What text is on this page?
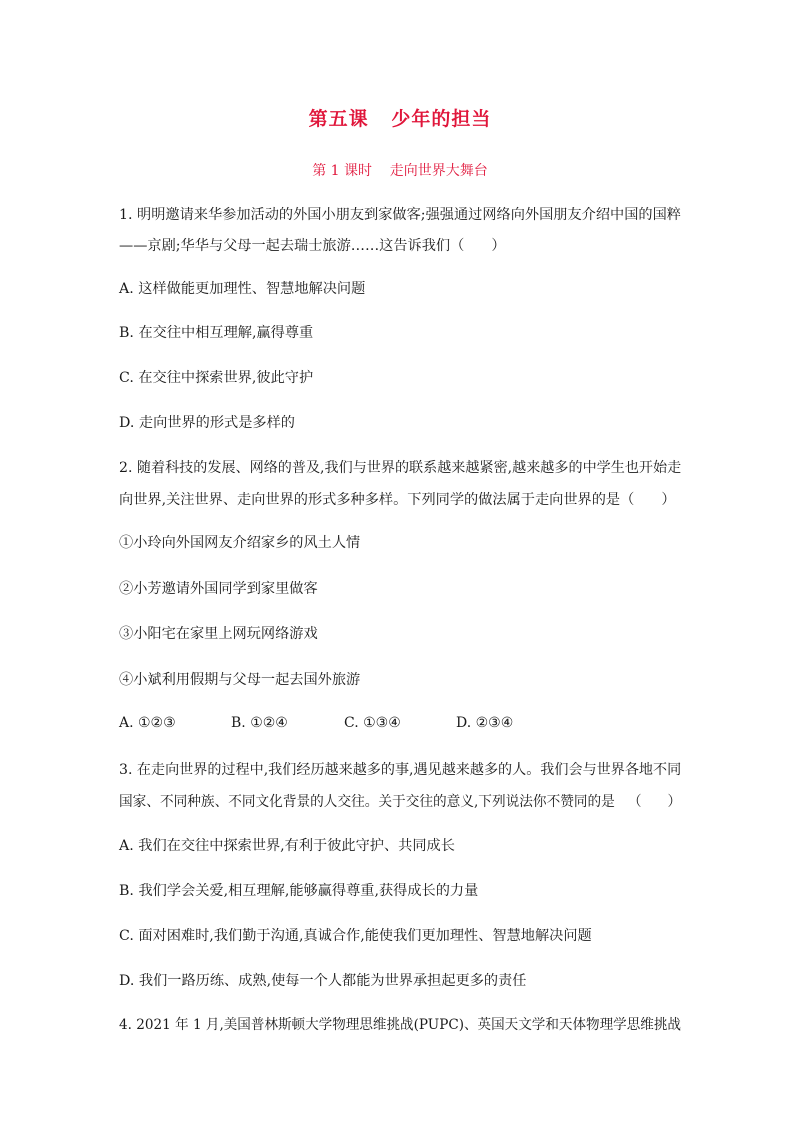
第五课   少年的担当
第 1 课时    走向世界大舞台
1. 明明邀请来华参加活动的外国小朋友到家做客;强强通过网络向外国朋友介绍中国的国粹
——京剧;华华与父母一起去瑞士旅游……这告诉我们（      ）
A. 这样做能更加理性、智慧地解决问题
B. 在交往中相互理解,赢得尊重
C. 在交往中探索世界,彼此守护
D. 走向世界的形式是多样的
2. 随着科技的发展、网络的普及,我们与世界的联系越来越紧密,越来越多的中学生也开始走
向世界,关注世界、走向世界的形式多种多样。下列同学的做法属于走向世界的是（      ）
①小玲向外国网友介绍家乡的风土人情
②小芳邀请外国同学到家里做客
③小阳宅在家里上网玩网络游戏
④小斌利用假期与父母一起去国外旅游
A. ①②③	B. ①②④	C. ①③④	D. ②③④
3. 在走向世界的过程中,我们经历越来越多的事,遇见越来越多的人。我们会与世界各地不同
国家、不同种族、不同文化背景的人交往。关于交往的意义,下列说法你不赞同的是   （      ）
A. 我们在交往中探索世界,有利于彼此守护、共同成长
B. 我们学会关爱,相互理解,能够赢得尊重,获得成长的力量
C. 面对困难时,我们勤于沟通,真诚合作,能使我们更加理性、智慧地解决问题
D. 我们一路历练、成熟,使每一个人都能为世界承担起更多的责任
4. 2021 年 1 月,美国普林斯顿大学物理思维挑战(PUPC)、英国天文学和天体物理学思维挑战
